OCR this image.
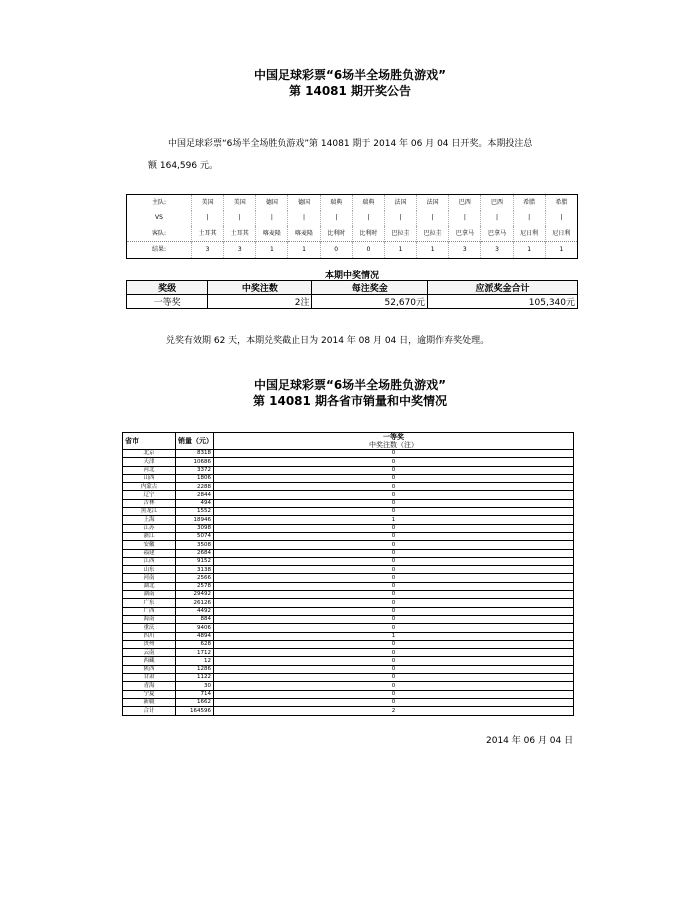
中国足球彩票“6场半全场胜负游戏”
第 14081 期开奖公告

中国足球彩票“6场半全场胜负游戏”第 14081 期于 2014 年 06 月 04 日开奖。本期投注总

额 164,596 元。

主队:	美国	美国	德国	德国	瑞典	瑞典	法国	法国	巴西	巴西	希腊	希腊
VS	|	|	|	|	|	|	|	|	|	|	|	|
客队:	土耳其	土耳其	喀麦隆	喀麦隆	比利时	比利时	巴拉圭	巴拉圭	巴拿马	巴拿马	尼日利	尼日利
结果:	3	3	1	1	0	0	1	1	3	3	1	1
本期中奖情况
奖级	中奖注数	每注奖金	应派奖金合计
一等奖	2注	52,670元	105,340元
兑奖有效期 62 天，本期兑奖截止日为 2014 年 08 月 04 日，逾期作弃奖处理。
中国足球彩票“6场半全场胜负游戏”
第 14081 期各省市销量和中奖情况
省市	销量（元）	一等奖
		中奖注数（注）
北京	8318	0
天津	10686	0
河北	3372	0
山西	1806	0
内蒙古	2288	0
辽宁	2844	0
吉林	494	0
黑龙江	1552	0
上海	18946	1
江苏	3098	0
浙江	5074	0
安徽	3508	0
福建	2684	0
江西	9152	0
山东	3138	0
河南	2566	0
湖北	2578	0
湖南	29492	0
广东	26126	0
广西	4492	0
海南	884	0
重庆	9406	0
四川	4894	1
贵州	628	0
云南	1712	0
西藏	12	0
陕西	1286	0
甘肃	1122	0
青海	30	0
宁夏	714	0
新疆	1662	0
合计	164596	2
2014 年 06 月 04 日
